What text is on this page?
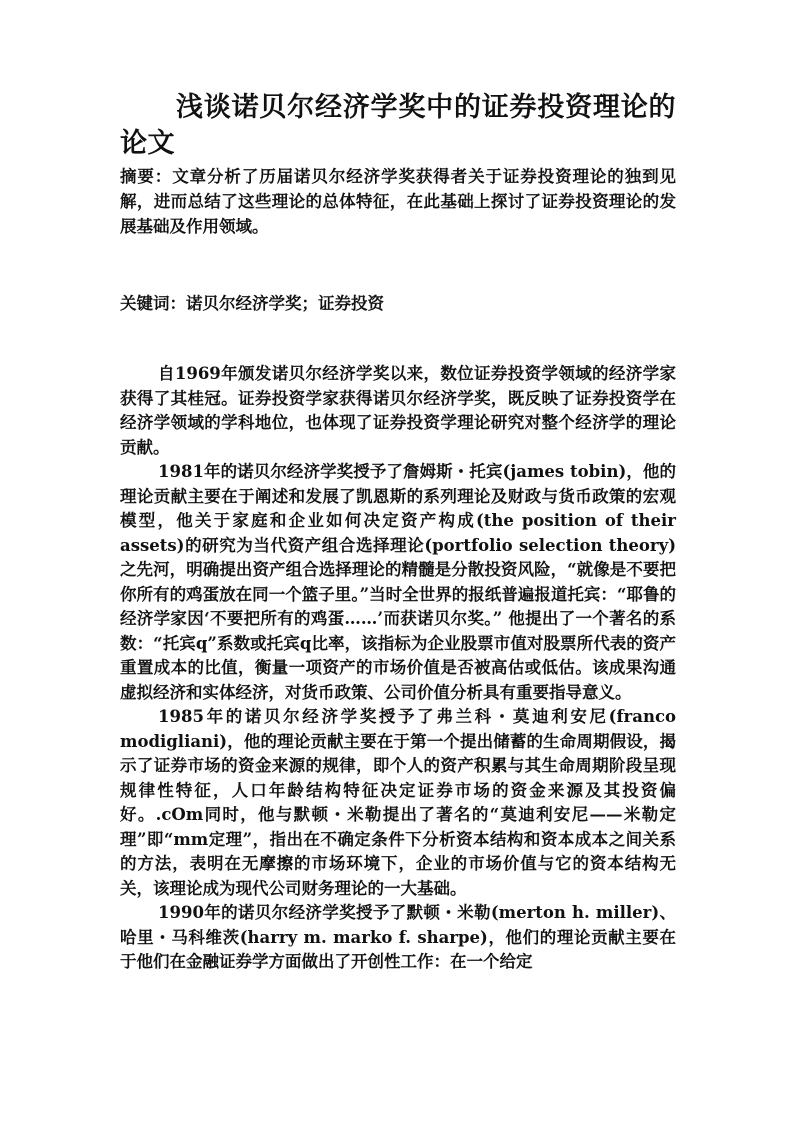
浅谈诺贝尔经济学奖中的证券投资理论的论文

摘要：文章分析了历届诺贝尔经济学奖获得者关于证券投资理论的独到见解，进而总结了这些理论的总体特征，在此基础上探讨了证券投资理论的发展基础及作用领域。

关键词：诺贝尔经济学奖；证券投资

自1969年颁发诺贝尔经济学奖以来，数位证券投资学领域的经济学家获得了其桂冠。证券投资学家获得诺贝尔经济学奖，既反映了证券投资学在经济学领域的学科地位，也体现了证券投资学理论研究对整个经济学的理论贡献。

1981年的诺贝尔经济学奖授予了詹姆斯・托宾(james tobin)，他的理论贡献主要在于阐述和发展了凯恩斯的系列理论及财政与货币政策的宏观模型，他关于家庭和企业如何决定资产构成(the position of their assets)的研究为当代资产组合选择理论(portfolio selection theory)之先河，明确提出资产组合选择理论的精髓是分散投资风险，“就像是不要把你所有的鸡蛋放在同一个篮子里。”当时全世界的报纸普遍报道托宾：“耶鲁的经济学家因‘不要把所有的鸡蛋……’而获诺贝尔奖。” 他提出了一个著名的系数：“托宾q”系数或托宾q比率，该指标为企业股票市值对股票所代表的资产重置成本的比值，衡量一项资产的市场价值是否被高估或低估。该成果沟通虚拟经济和实体经济，对货币政策、公司价值分析具有重要指导意义。

1985年的诺贝尔经济学奖授予了弗兰科・莫迪利安尼(franco modigliani)，他的理论贡献主要在于第一个提出储蓄的生命周期假设，揭示了证券市场的资金来源的规律，即个人的资产积累与其生命周期阶段呈现规律性特征，人口年龄结构特征决定证券市场的资金来源及其投资偏好。.cOm同时，他与默顿・米勒提出了著名的“莫迪利安尼——米勒定理”即“mm定理”，指出在不确定条件下分析资本结构和资本成本之间关系的方法，表明在无摩擦的市场环境下，企业的市场价值与它的资本结构无关，该理论成为现代公司财务理论的一大基础。

1990年的诺贝尔经济学奖授予了默顿・米勒(merton h. miller)、哈里・马科维茨(harry m. marko f. sharpe)，他们的理论贡献主要在于他们在金融证券学方面做出了开创性工作：在一个给定
